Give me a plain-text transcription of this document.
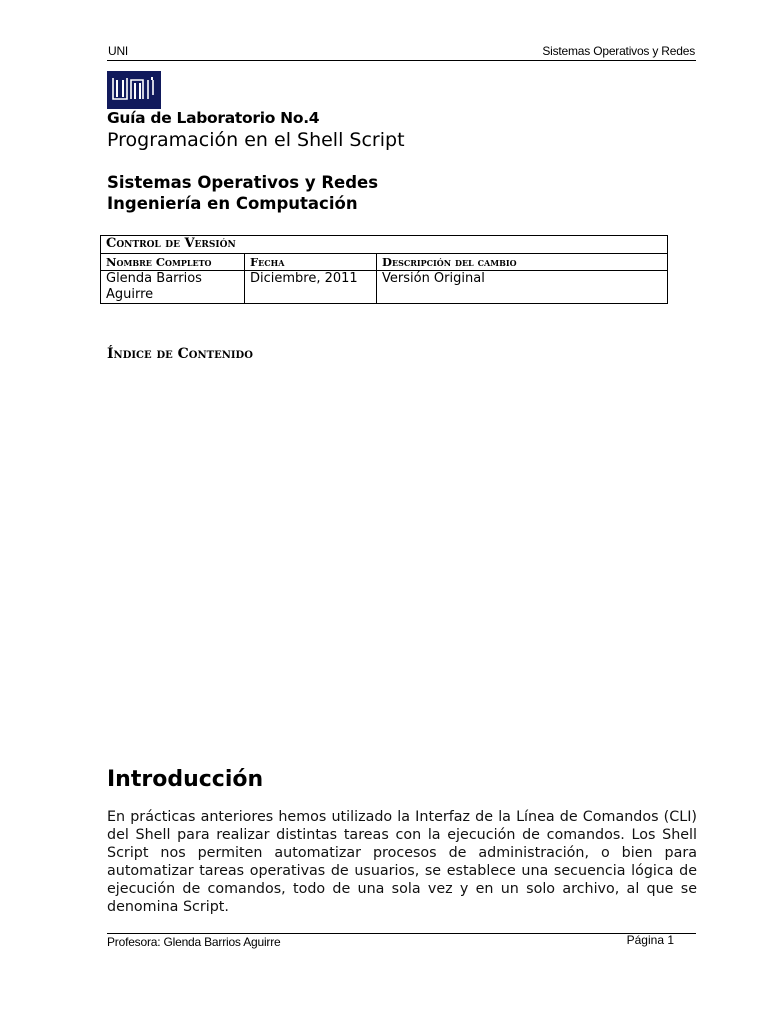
UNI	Sistemas Operativos y Redes
Guía de Laboratorio No.4
Programación en el Shell Script
Sistemas Operativos y Redes
Ingeniería en Computación
Control de Versión		
Nombre Completo	Fecha	Descripción del cambio
Glenda Barrios Aguirre	Diciembre, 2011	Versión Original
Índice de Contenido
Introducción
En prácticas anteriores hemos utilizado la Interfaz de la Línea de Comandos (CLI) del Shell para realizar distintas tareas con la ejecución de comandos. Los Shell Script nos permiten automatizar procesos de administración, o bien para automatizar tareas operativas de usuarios, se establece una secuencia lógica de ejecución de comandos, todo de una sola vez y en un solo archivo, al que se denomina Script.
Profesora: Glenda Barrios Aguirre	Página 1
